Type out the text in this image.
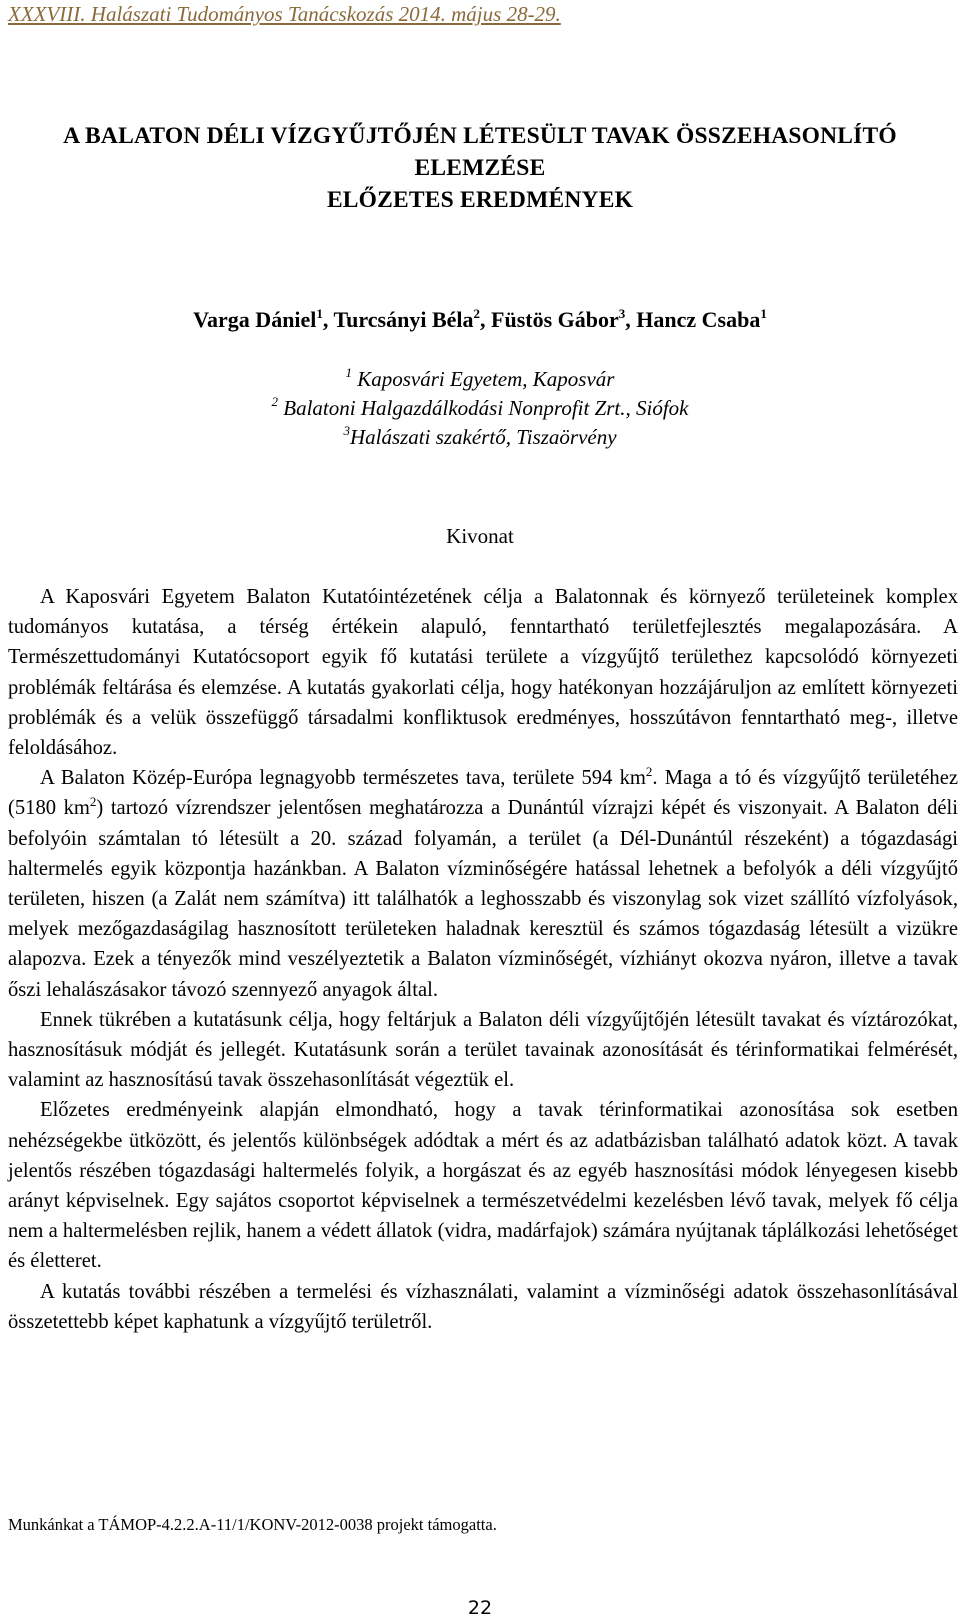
XXXVIII. Halászati Tudományos Tanácskozás 2014. május 28-29.
A BALATON DÉLI VÍZGYŰJTŐJÉN LÉTESÜLT TAVAK ÖSSZEHASONLÍTÓ
ELEMZÉSE
ELŐZETES EREDMÉNYEK
Varga Dániel$^1$, Turcsányi Béla$^2$, Füstös Gábor$^3$, Hancz Csaba$^1$
$^1$ Kaposvári Egyetem, Kaposvár
$^2$ Balatoni Halgazdálkodási Nonprofit Zrt., Siófok
$^3$Halászati szakértő, Tiszaörvény
Kivonat

A Kaposvári Egyetem Balaton Kutatóintézetének célja a Balatonnak és környező területeinek komplex tudományos kutatása, a térség értékein alapuló, fenntartható területfejlesztés megalapozására. A Természettudományi Kutatócsoport egyik fő kutatási területe a vízgyűjtő területhez kapcsolódó környezeti problémák feltárása és elemzése. A kutatás gyakorlati célja, hogy hatékonyan hozzájáruljon az említett környezeti problémák és a velük összefüggő társadalmi konfliktusok eredményes, hosszútávon fenntartható meg-, illetve feloldásához.

A Balaton Közép-Európa legnagyobb természetes tava, területe 594 $km^2$. Maga a tó és vízgyűjtő területéhez (5180 $km^2$) tartozó vízrendszer jelentősen meghatározza a Dunántúl vízrajzi képét és viszonyait. A Balaton déli befolyóin számtalan tó létesült a 20. század folyamán, a terület (a Dél-Dunántúl részeként) a tógazdasági haltermelés egyik központja hazánkban. A Balaton vízminőségére hatással lehetnek a befolyók a déli vízgyűjtő területen, hiszen (a Zalát nem számítva) itt találhatók a leghosszabb és viszonylag sok vizet szállító vízfolyások, melyek mezőgazdaságilag hasznosított területeken haladnak keresztül és számos tógazdaság létesült a vizükre alapozva. Ezek a tényezők mind veszélyeztetik a Balaton vízminőségét, vízhiányt okozva nyáron, illetve a tavak őszi lehalászásakor távozó szennyező anyagok által.

Ennek tükrében a kutatásunk célja, hogy feltárjuk a Balaton déli vízgyűjtőjén létesült tavakat és víztározókat, hasznosításuk módját és jellegét. Kutatásunk során a terület tavainak azonosítását és térinformatikai felmérését, valamint az hasznosítású tavak összehasonlítását végeztük el.

Előzetes eredményeink alapján elmondható, hogy a tavak térinformatikai azonosítása sok esetben nehézségekbe ütközött, és jelentős különbségek adódtak a mért és az adatbázisban található adatok közt. A tavak jelentős részében tógazdasági haltermelés folyik, a horgászat és az egyéb hasznosítási módok lényegesen kisebb arányt képviselnek. Egy sajátos csoportot képviselnek a természetvédelmi kezelésben lévő tavak, melyek fő célja nem a haltermelésben rejlik, hanem a védett állatok (vidra, madárfajok) számára nyújtanak táplálkozási lehetőséget és életteret.

A kutatás további részében a termelési és vízhasználati, valamint a vízminőségi adatok összehasonlításával összetettebb képet kaphatunk a vízgyűjtő területről.

Munkánkat a TÁMOP-4.2.2.A-11/1/KONV-2012-0038 projekt támogatta.
22
